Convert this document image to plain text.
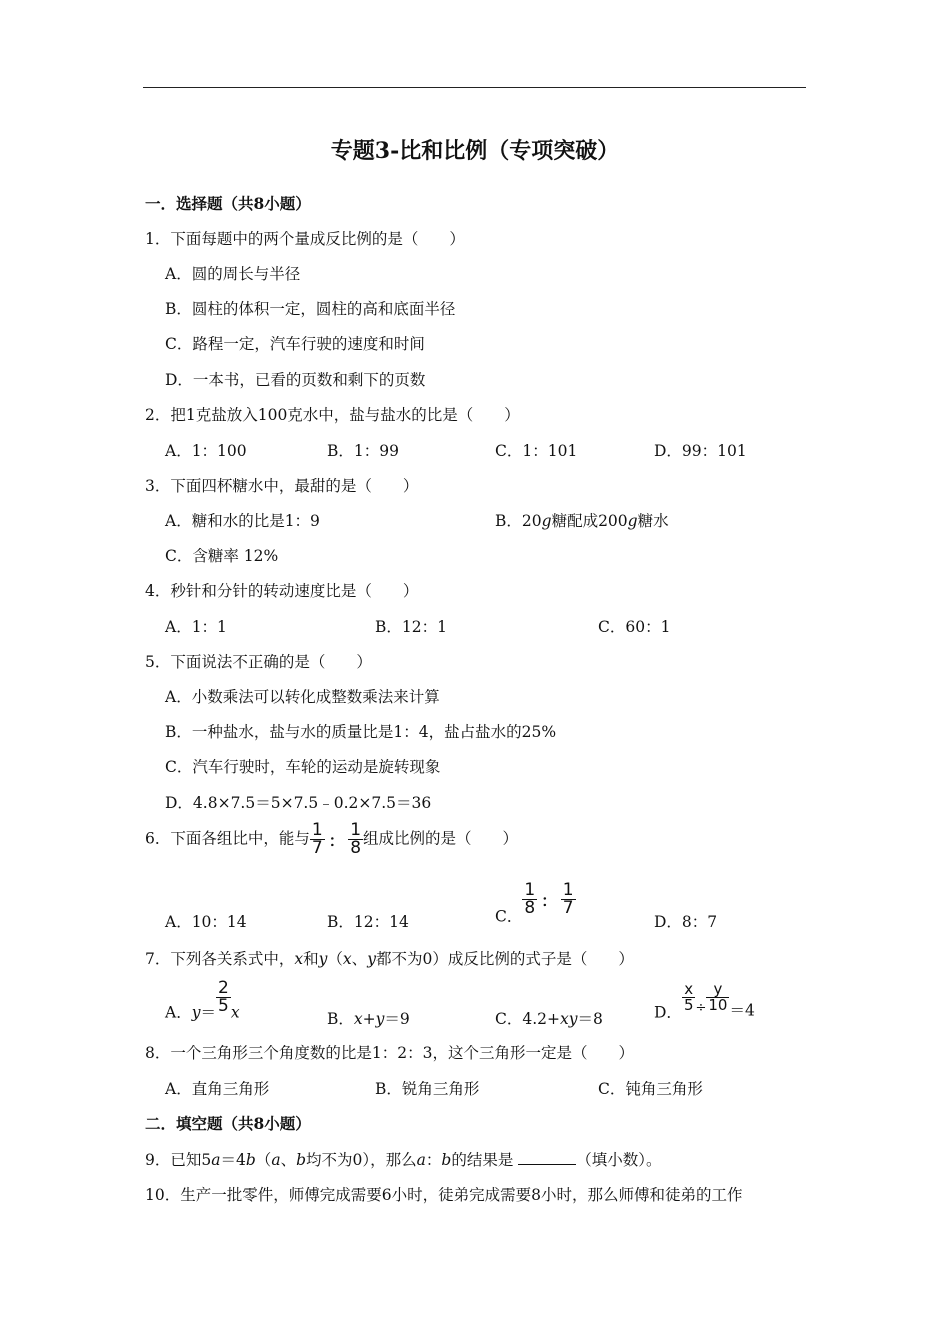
专题3-比和比例（专项突破）
一．选择题（共8小题）
1．下面每题中的两个量成反比例的是（　　）
A．圆的周长与半径
B．圆柱的体积一定，圆柱的高和底面半径
C．路程一定，汽车行驶的速度和时间
D．一本书，已看的页数和剩下的页数
2．把1克盐放入100克水中，盐与盐水的比是（　　）
A．1：100	B．1：99	C．1：101	D．99：101
3．下面四杯糖水中，最甜的是（　　）
A．糖和水的比是1：9	B．20g糖配成200g糖水
C．含糖率 12%
4．秒针和分针的转动速度比是（　　）
A．1：1	B．12：1	C．60：1
5．下面说法不正确的是（　　）
A．小数乘法可以转化成整数乘法来计算
B．一种盐水，盐与水的质量比是1：4，盐占盐水的25%
C．汽车行驶时，车轮的运动是旋转现象
D．4.8×7.5＝5×7.5﹣0.2×7.5＝36
6．下面各组比中，能与 $\frac{1}{7}$ ： $\frac{1}{8}$ 组成比例的是（　　）
A．10：14	B．12：14	C． $\frac{1}{8}$ ： $\frac{1}{7}$
D．8：7
7．下列各关系式中，x和y（x、y都不为0）成反比例的式子是（　　）
A．$y= \frac{2}{5}$ x	B．x+y＝9	C．4.2+xy＝8	D． $\frac{x}{5} _\div \frac{y}{10} =4$
8．一个三角形三个角度数的比是1：2：3，这个三角形一定是（　　）
A．直角三角形	B．锐角三角形	C．钝角三角形
二．填空题（共8小题）
9．已知5a＝4b（a、b均不为0），那么a：b的结果是	（填小数）。
10．生产一批零件，师傅完成需要6小时，徒弟完成需要8小时，那么师傅和徒弟的工作
